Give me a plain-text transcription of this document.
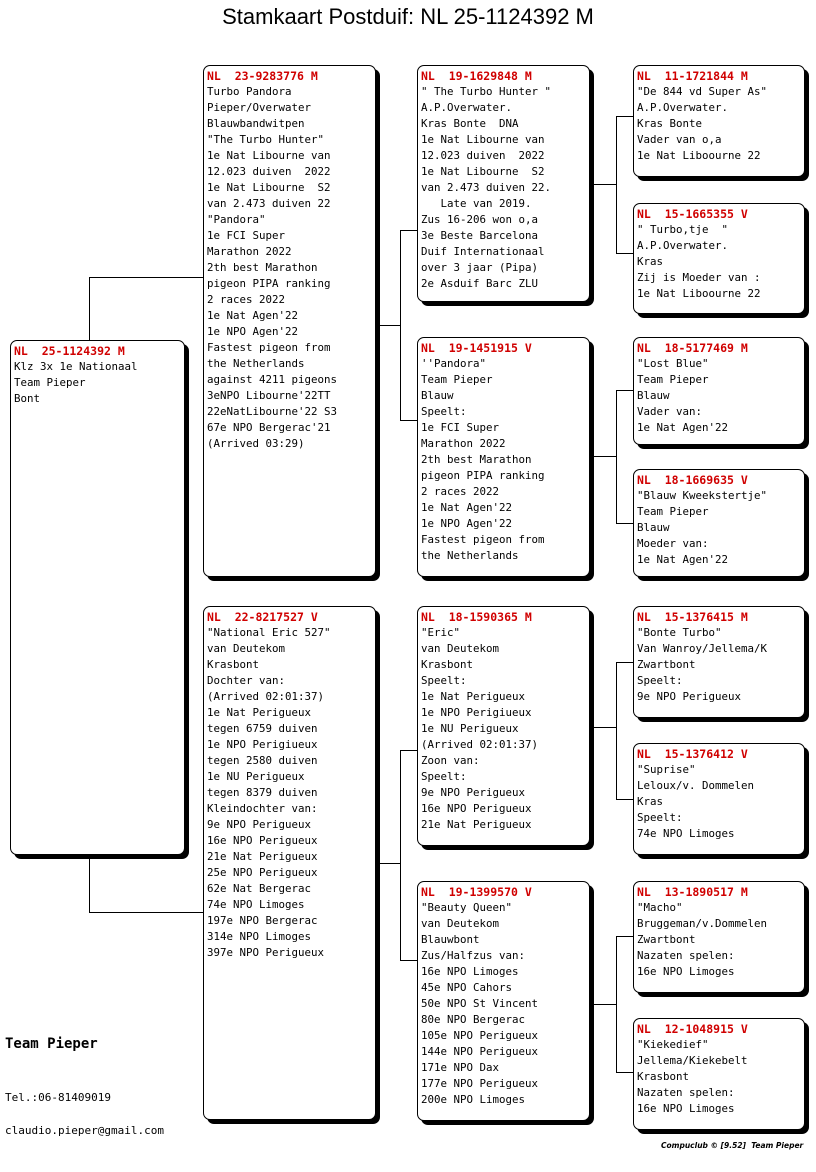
Stamkaart Postduif: NL 25-1124392 M
NL  25-1124392 M
Klz 3x 1e Nationaal
Team Pieper
Bont
NL  23-9283776 M
Turbo Pandora
Pieper/Overwater
Blauwbandwitpen
"The Turbo Hunter"
1e Nat Libourne van
12.023 duiven  2022
1e Nat Libourne  S2
van 2.473 duiven 22
"Pandora"
1e FCI Super
Marathon 2022
2th best Marathon
pigeon PIPA ranking
2 races 2022
1e Nat Agen'22
1e NPO Agen'22
Fastest pigeon from
the Netherlands
against 4211 pigeons
3eNPO Libourne'22TT
22eNatLibourne'22 S3
67e NPO Bergerac'21
(Arrived 03:29)
NL  22-8217527 V
"National Eric 527"
van Deutekom
Krasbont
Dochter van:
(Arrived 02:01:37)
1e Nat Perigueux
tegen 6759 duiven
1e NPO Perigiueux
tegen 2580 duiven
1e NU Perigueux
tegen 8379 duiven
Kleindochter van:
9e NPO Perigueux
16e NPO Perigueux
21e Nat Perigueux
25e NPO Perigueux
62e Nat Bergerac
74e NPO Limoges
197e NPO Bergerac
314e NPO Limoges
397e NPO Perigueux
NL  19-1629848 M
" The Turbo Hunter "
A.P.Overwater.
Kras Bonte  DNA
1e Nat Libourne van
12.023 duiven  2022
1e Nat Libourne  S2
van 2.473 duiven 22.
Late van 2019.
Zus 16-206 won o,a
3e Beste Barcelona
Duif Internationaal
over 3 jaar (Pipa)
2e Asduif Barc ZLU
NL  19-1451915 V
''Pandora"
Team Pieper
Blauw
Speelt:
1e FCI Super
Marathon 2022
2th best Marathon
pigeon PIPA ranking
2 races 2022
1e Nat Agen'22
1e NPO Agen'22
Fastest pigeon from
the Netherlands
NL  18-1590365 M
"Eric"
van Deutekom
Krasbont
Speelt:
1e Nat Perigueux
1e NPO Perigiueux
1e NU Perigueux
(Arrived 02:01:37)
Zoon van:
Speelt:
9e NPO Perigueux
16e NPO Perigueux
21e Nat Perigueux
NL  19-1399570 V
"Beauty Queen"
van Deutekom
Blauwbont
Zus/Halfzus van:
16e NPO Limoges
45e NPO Cahors
50e NPO St Vincent
80e NPO Bergerac
105e NPO Perigueux
144e NPO Perigueux
171e NPO Dax
177e NPO Perigueux
200e NPO Limoges
NL  11-1721844 M
"De 844 vd Super As"
A.P.Overwater.
Kras Bonte
Vader van o,a
1e Nat Liboourne 22
NL  15-1665355 V
" Turbo,tje  "
A.P.Overwater.
Kras
Zij is Moeder van :
1e Nat Liboourne 22
NL  18-5177469 M
"Lost Blue"
Team Pieper
Blauw
Vader van:
1e Nat Agen'22
NL  18-1669635 V
"Blauw Kweekstertje"
Team Pieper
Blauw
Moeder van:
1e Nat Agen'22
NL  15-1376415 M
"Bonte Turbo"
Van Wanroy/Jellema/K
Zwartbont
Speelt:
9e NPO Perigueux
NL  15-1376412 V
"Suprise"
Leloux/v. Dommelen
Kras
Speelt:
74e NPO Limoges
NL  13-1890517 M
"Macho"
Bruggeman/v.Dommelen
Zwartbont
Nazaten spelen:
16e NPO Limoges
NL  12-1048915 V
"Kiekedief"
Jellema/Kiekebelt
Krasbont
Nazaten spelen:
16e NPO Limoges
Team Pieper
Tel.:06-81409019
claudio.pieper@gmail.com
Compuclub © [9.52]  Team Pieper
